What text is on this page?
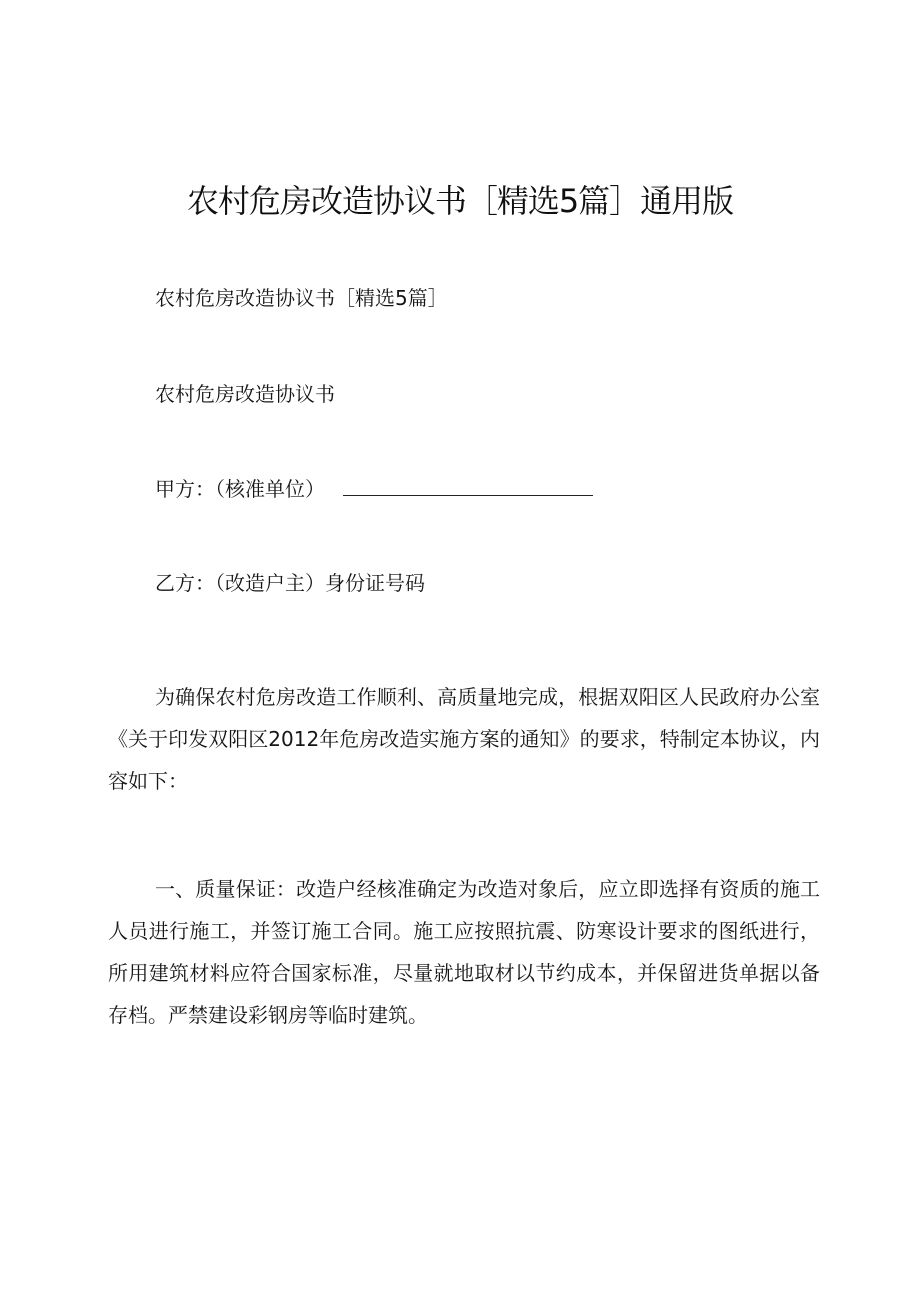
农村危房改造协议书［精选5篇］通用版
农村危房改造协议书［精选5篇］
农村危房改造协议书
甲方：（核准单位）
乙方：（改造户主）身份证号码

为确保农村危房改造工作顺利、高质量地完成，根据双阳区人民政府办公室《关于印发双阳区2012年危房改造实施方案的通知》的要求，特制定本协议，内容如下：

一、质量保证：改造户经核准确定为改造对象后，应立即选择有资质的施工人员进行施工，并签订施工合同。施工应按照抗震、防寒设计要求的图纸进行，所用建筑材料应符合国家标准，尽量就地取材以节约成本，并保留进货单据以备存档。严禁建设彩钢房等临时建筑。
